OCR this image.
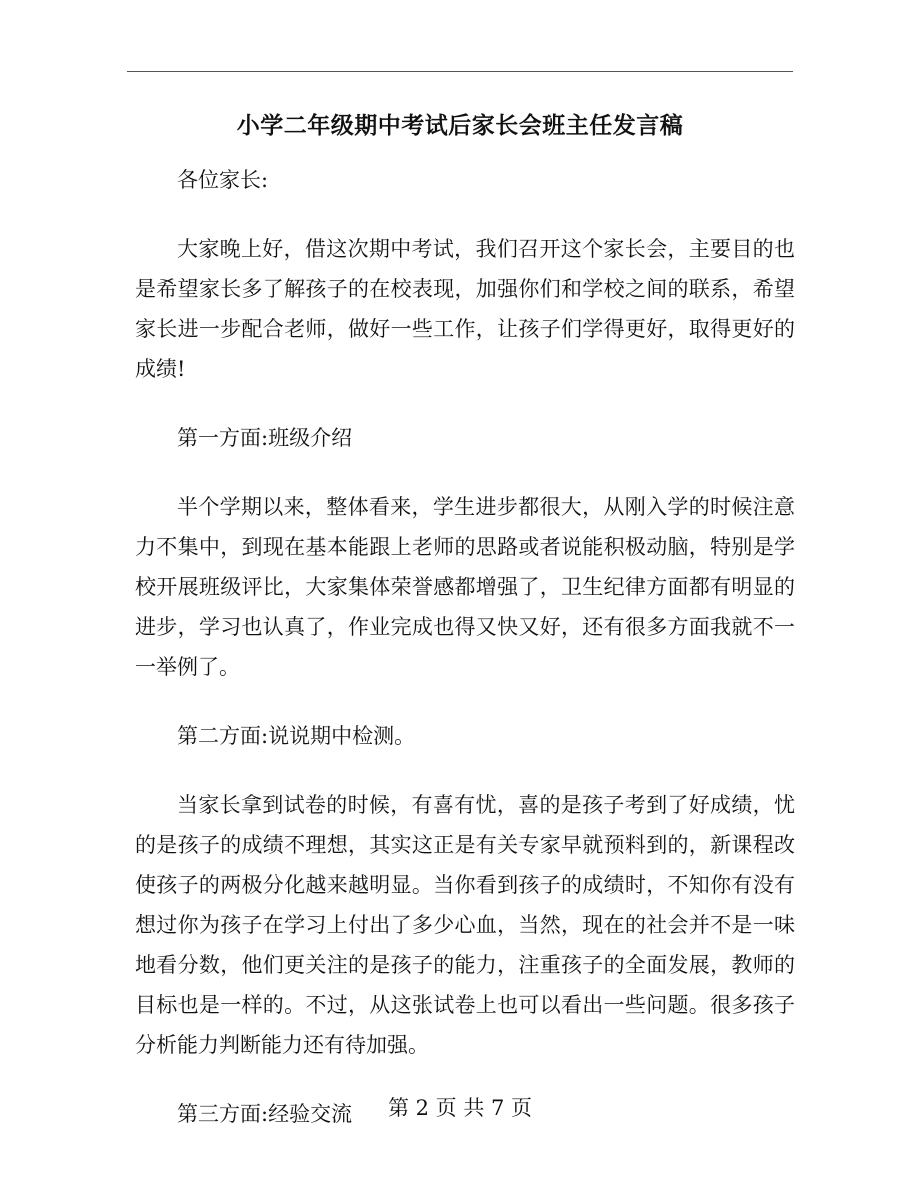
小学二年级期中考试后家长会班主任发言稿

各位家长:

大家晚上好，借这次期中考试，我们召开这个家长会，主要目的也是希望家长多了解孩子的在校表现，加强你们和学校之间的联系，希望家长进一步配合老师，做好一些工作，让孩子们学得更好，取得更好的成绩!

第一方面:班级介绍

半个学期以来，整体看来，学生进步都很大，从刚入学的时候注意力不集中，到现在基本能跟上老师的思路或者说能积极动脑，特别是学校开展班级评比，大家集体荣誉感都增强了，卫生纪律方面都有明显的进步，学习也认真了，作业完成也得又快又好，还有很多方面我就不一一举例了。

第二方面:说说期中检测。

当家长拿到试卷的时候，有喜有忧，喜的是孩子考到了好成绩，忧的是孩子的成绩不理想，其实这正是有关专家早就预料到的，新课程改使孩子的两极分化越来越明显。当你看到孩子的成绩时，不知你有没有想过你为孩子在学习上付出了多少心血，当然，现在的社会并不是一味地看分数，他们更关注的是孩子的能力，注重孩子的全面发展，教师的目标也是一样的。不过，从这张试卷上也可以看出一些问题。很多孩子分析能力判断能力还有待加强。

第三方面:经验交流	第 2 页 共 7 页
